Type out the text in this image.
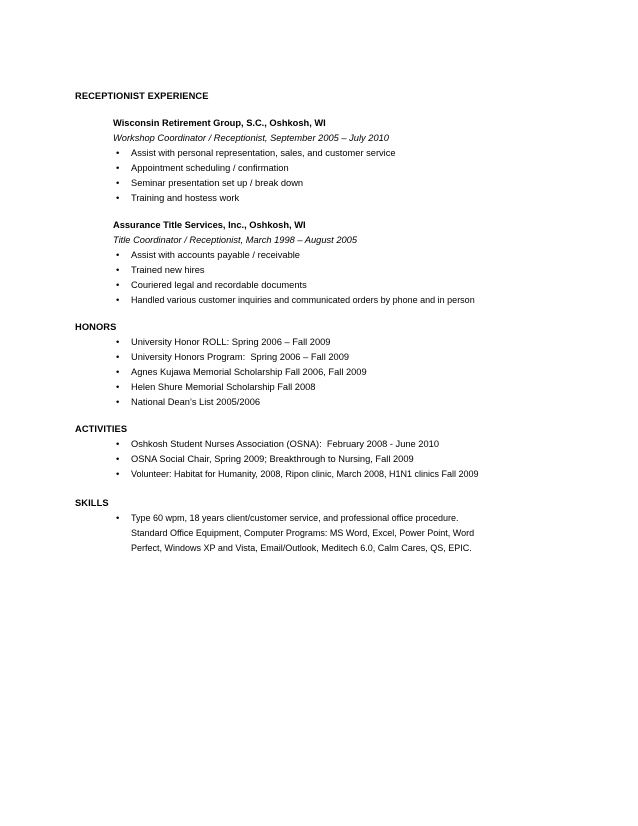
RECEPTIONIST EXPERIENCE
Wisconsin Retirement Group, S.C., Oshkosh, WI
Workshop Coordinator / Receptionist, September 2005 – July 2010
• Assist with personal representation, sales, and customer service
• Appointment scheduling / confirmation
• Seminar presentation set up / break down
• Training and hostess work
Assurance Title Services, Inc., Oshkosh, WI
Title Coordinator / Receptionist, March 1998 – August 2005
• Assist with accounts payable / receivable
• Trained new hires
• Couriered legal and recordable documents
• Handled various customer inquiries and communicated orders by phone and in person
HONORS
• University Honor ROLL: Spring 2006 – Fall 2009
• University Honors Program:  Spring 2006 – Fall 2009
• Agnes Kujawa Memorial Scholarship Fall 2006, Fall 2009
• Helen Shure Memorial Scholarship Fall 2008
• National Dean’s List 2005/2006
ACTIVITIES
• Oshkosh Student Nurses Association (OSNA):  February 2008 - June 2010
• OSNA Social Chair, Spring 2009; Breakthrough to Nursing, Fall 2009
• Volunteer: Habitat for Humanity, 2008, Ripon clinic, March 2008, H1N1 clinics Fall 2009
SKILLS
• Type 60 wpm, 18 years client/customer service, and professional office procedure.
Standard Office Equipment, Computer Programs: MS Word, Excel, Power Point, Word
Perfect, Windows XP and Vista, Email/Outlook, Meditech 6.0, Calm Cares, QS, EPIC.
